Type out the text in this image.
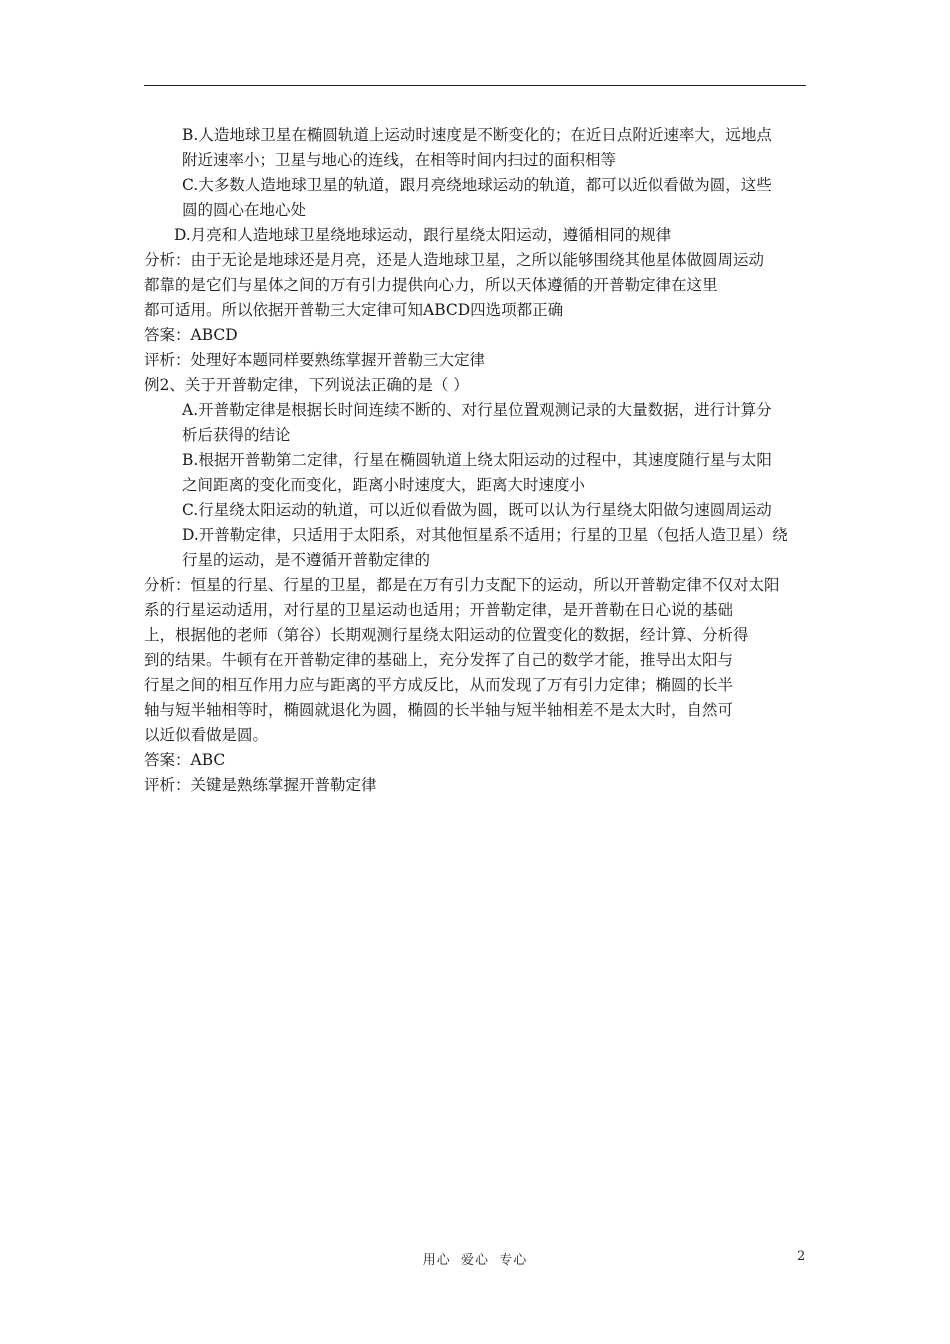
B.人造地球卫星在椭圆轨道上运动时速度是不断变化的；在近日点附近速率大，远地点
附近速率小；卫星与地心的连线，在相等时间内扫过的面积相等

C.大多数人造地球卫星的轨道，跟月亮绕地球运动的轨道，都可以近似看做为圆，这些
圆的圆心在地心处

D.月亮和人造地球卫星绕地球运动，跟行星绕太阳运动，遵循相同的规律

分析：由于无论是地球还是月亮，还是人造地球卫星，之所以能够围绕其他星体做圆周运动
都靠的是它们与星体之间的万有引力提供向心力，所以天体遵循的开普勒定律在这里
都可适用。所以依据开普勒三大定律可知ABCD四选项都正确

答案：ABCD

评析：处理好本题同样要熟练掌握开普勒三大定律

例2、关于开普勒定律，下列说法正确的是（ ）

A.开普勒定律是根据长时间连续不断的、对行星位置观测记录的大量数据，进行计算分
析后获得的结论

B.根据开普勒第二定律，行星在椭圆轨道上绕太阳运动的过程中，其速度随行星与太阳
之间距离的变化而变化，距离小时速度大，距离大时速度小

C.行星绕太阳运动的轨道，可以近似看做为圆，既可以认为行星绕太阳做匀速圆周运动

D.开普勒定律，只适用于太阳系，对其他恒星系不适用；行星的卫星（包括人造卫星）绕
行星的运动，是不遵循开普勒定律的

分析：恒星的行星、行星的卫星，都是在万有引力支配下的运动，所以开普勒定律不仅对太阳
系的行星运动适用，对行星的卫星运动也适用；开普勒定律，是开普勒在日心说的基础
上，根据他的老师（第谷）长期观测行星绕太阳运动的位置变化的数据，经计算、分析得
到的结果。牛顿有在开普勒定律的基础上，充分发挥了自己的数学才能，推导出太阳与
行星之间的相互作用力应与距离的平方成反比，从而发现了万有引力定律；椭圆的长半
轴与短半轴相等时，椭圆就退化为圆，椭圆的长半轴与短半轴相差不是太大时，自然可
以近似看做是圆。

答案：ABC

评析：关键是熟练掌握开普勒定律

用心  爱心  专心	2
